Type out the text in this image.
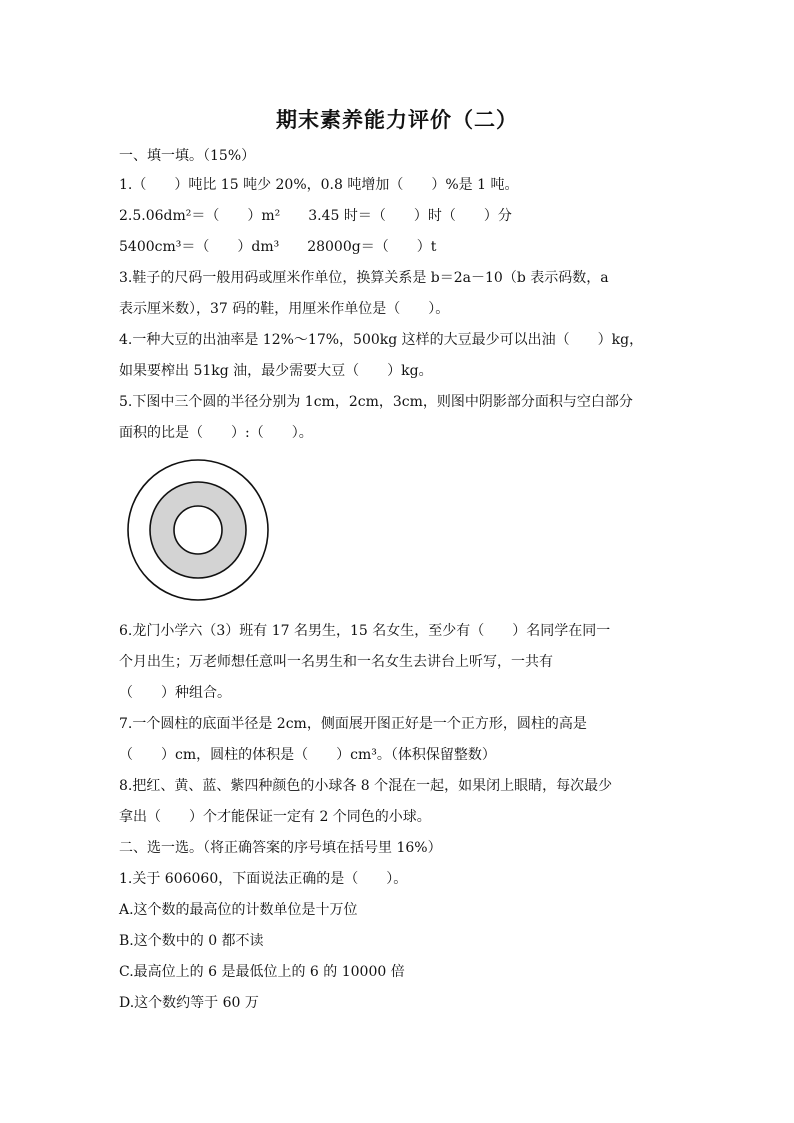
期末素养能力评价（二）
一、填一填。（15%）
1.（　　）吨比 15 吨少 20%，0.8 吨增加（　　）%是 1 吨。
2.5.06dm²＝（　　）m²　　3.45 时＝（　　）时（　　）分
5400cm³＝（　　）dm³　　28000g＝（　　）t
3.鞋子的尺码一般用码或厘米作单位，换算关系是 b＝2a－10（b 表示码数，a
表示厘米数），37 码的鞋，用厘米作单位是（　　）。
4.一种大豆的出油率是 12%～17%，500kg 这样的大豆最少可以出油（　　）kg，
如果要榨出 51kg 油，最少需要大豆（　　）kg。
5.下图中三个圆的半径分别为 1cm，2cm，3cm，则图中阴影部分面积与空白部分
面积的比是（　　）:（　　）。
6.龙门小学六（3）班有 17 名男生，15 名女生，至少有（　　）名同学在同一
个月出生；万老师想任意叫一名男生和一名女生去讲台上听写，一共有
（　　）种组合。
7.一个圆柱的底面半径是 2cm，侧面展开图正好是一个正方形，圆柱的高是
（　　）cm，圆柱的体积是（　　）cm³。（体积保留整数）
8.把红、黄、蓝、紫四种颜色的小球各 8 个混在一起，如果闭上眼睛，每次最少
拿出（　　）个才能保证一定有 2 个同色的小球。
二、选一选。（将正确答案的序号填在括号里 16%）
1.关于 606060，下面说法正确的是（　　）。
A.这个数的最高位的计数单位是十万位
B.这个数中的 0 都不读
C.最高位上的 6 是最低位上的 6 的 10000 倍
D.这个数约等于 60 万
